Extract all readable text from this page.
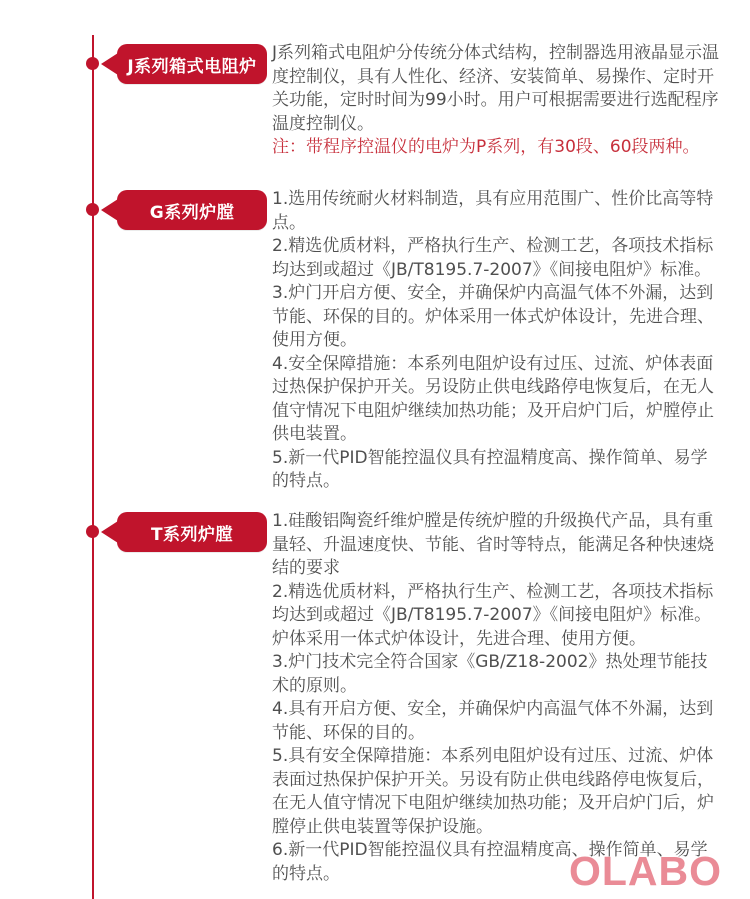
J系列箱式电阻炉

J系列箱式电阻炉分传统分体式结构，控制器选用液晶显示温度控制仪，具有人性化、经济、安装简单、易操作、定时开关功能，定时时间为99小时。用户可根据需要进行选配程序温度控制仪。

注：带程序控温仪的电炉为P系列，有30段、60段两种。

G系列炉膛

1.选用传统耐火材料制造，具有应用范围广、性价比高等特点。

2.精选优质材料，严格执行生产、检测工艺，各项技术指标均达到或超过《JB/T8195.7-2007》《间接电阻炉》标准。

3.炉门开启方便、安全，并确保炉内高温气体不外漏，达到节能、环保的目的。炉体采用一体式炉体设计，先进合理、使用方便。

4.安全保障措施：本系列电阻炉设有过压、过流、炉体表面过热保护保护开关。另设防止供电线路停电恢复后，在无人值守情况下电阻炉继续加热功能；及开启炉门后，炉膛停止供电装置。

5.新一代PID智能控温仪具有控温精度高、操作简单、易学的特点。

T系列炉膛

1.硅酸铝陶瓷纤维炉膛是传统炉膛的升级换代产品，具有重量轻、升温速度快、节能、省时等特点，能满足各种快速烧结的要求

2.精选优质材料，严格执行生产、检测工艺，各项技术指标均达到或超过《JB/T8195.7-2007》《间接电阻炉》标准。炉体采用一体式炉体设计，先进合理、使用方便。

3.炉门技术完全符合国家《GB/Z18-2002》热处理节能技术的原则。

4.具有开启方便、安全，并确保炉内高温气体不外漏，达到节能、环保的目的。

5.具有安全保障措施：本系列电阻炉设有过压、过流、炉体表面过热保护保护开关。另设有防止供电线路停电恢复后，在无人值守情况下电阻炉继续加热功能；及开启炉门后，炉膛停止供电装置等保护设施。

6.新一代PID智能控温仪具有控温精度高、操作简单、易学的特点。	OLABO
